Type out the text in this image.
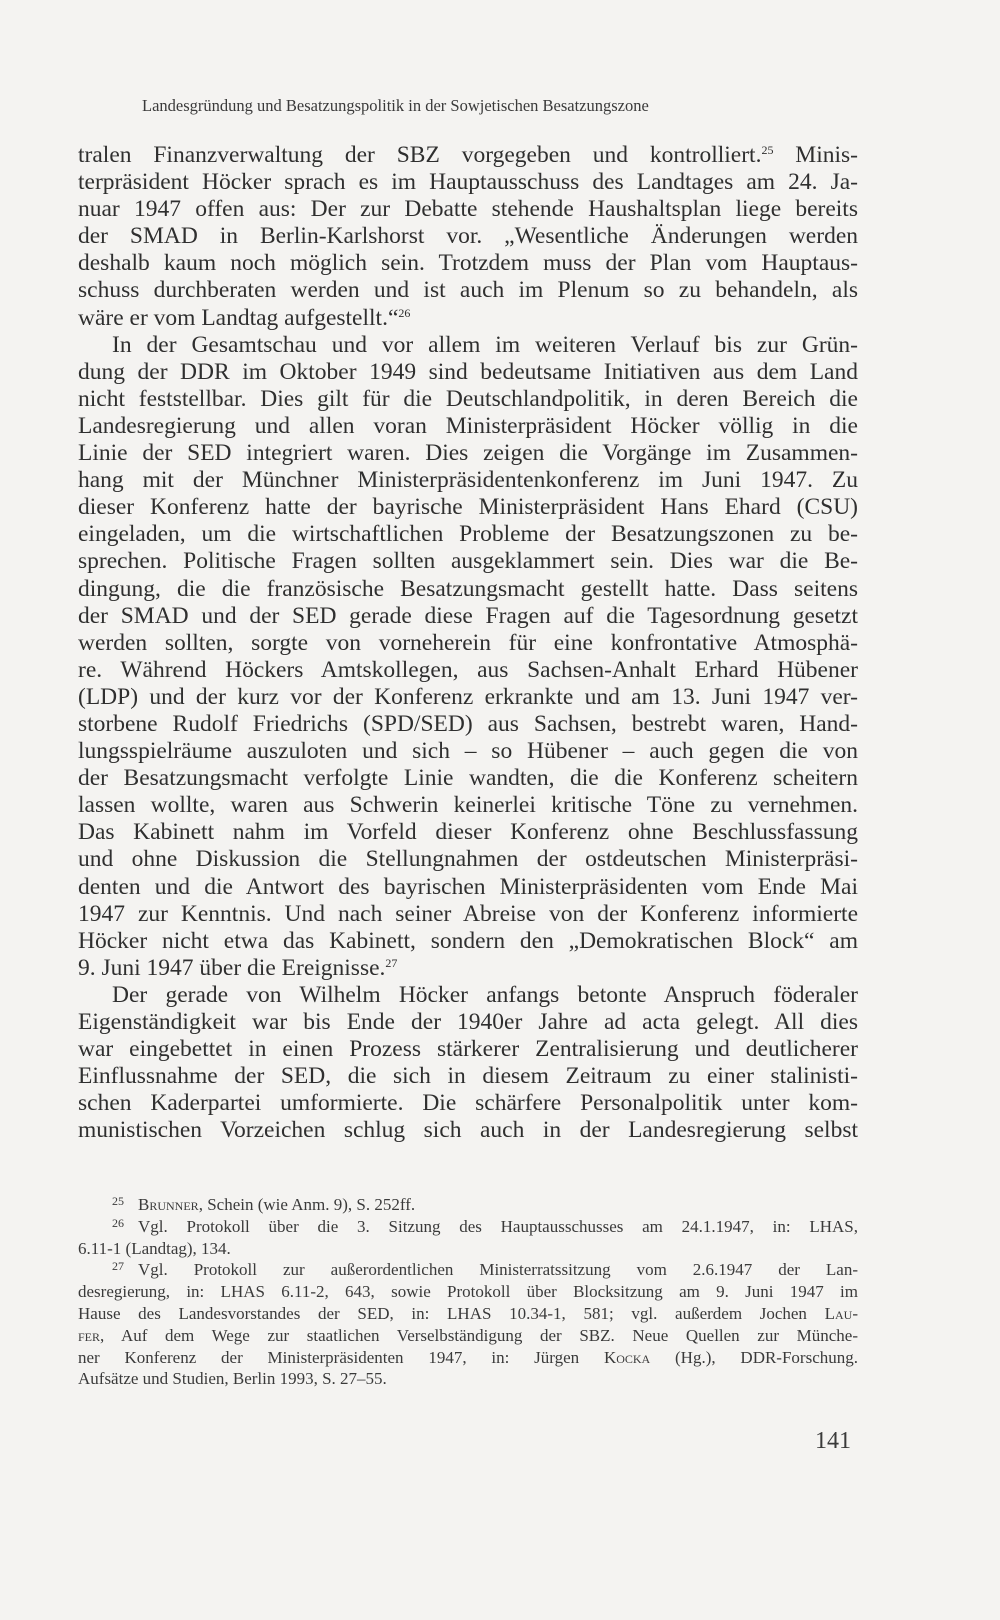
Landesgründung und Besatzungspolitik in der Sowjetischen Besatzungszone
tralen Finanzverwaltung der SBZ vorgegeben und kontrolliert.$^{25}$ Minis-
terpräsident Höcker sprach es im Hauptausschuss des Landtages am 24. Ja-
nuar 1947 offen aus: Der zur Debatte stehende Haushaltsplan liege bereits
der SMAD in Berlin-Karlshorst vor. „Wesentliche Änderungen werden
deshalb kaum noch möglich sein. Trotzdem muss der Plan vom Hauptaus-
schuss durchberaten werden und ist auch im Plenum so zu behandeln, als
wäre er vom Landtag aufgestellt.“$^{26}$
In der Gesamtschau und vor allem im weiteren Verlauf bis zur Grün-
dung der DDR im Oktober 1949 sind bedeutsame Initiativen aus dem Land
nicht feststellbar. Dies gilt für die Deutschlandpolitik, in deren Bereich die
Landesregierung und allen voran Ministerpräsident Höcker völlig in die
Linie der SED integriert waren. Dies zeigen die Vorgänge im Zusammen-
hang mit der Münchner Ministerpräsidentenkonferenz im Juni 1947. Zu
dieser Konferenz hatte der bayrische Ministerpräsident Hans Ehard (CSU)
eingeladen, um die wirtschaftlichen Probleme der Besatzungszonen zu be-
sprechen. Politische Fragen sollten ausgeklammert sein. Dies war die Be-
dingung, die die französische Besatzungsmacht gestellt hatte. Dass seitens
der SMAD und der SED gerade diese Fragen auf die Tagesordnung gesetzt
werden sollten, sorgte von vorneherein für eine konfrontative Atmosphä-
re. Während Höckers Amtskollegen, aus Sachsen-Anhalt Erhard Hübener
(LDP) und der kurz vor der Konferenz erkrankte und am 13. Juni 1947 ver-
storbene Rudolf Friedrichs (SPD/SED) aus Sachsen, bestrebt waren, Hand-
lungsspielräume auszuloten und sich – so Hübener – auch gegen die von
der Besatzungsmacht verfolgte Linie wandten, die die Konferenz scheitern
lassen wollte, waren aus Schwerin keinerlei kritische Töne zu vernehmen.
Das Kabinett nahm im Vorfeld dieser Konferenz ohne Beschlussfassung
und ohne Diskussion die Stellungnahmen der ostdeutschen Ministerpräsi-
denten und die Antwort des bayrischen Ministerpräsidenten vom Ende Mai
1947 zur Kenntnis. Und nach seiner Abreise von der Konferenz informierte
Höcker nicht etwa das Kabinett, sondern den „Demokratischen Block“ am
9. Juni 1947 über die Ereignisse.$^{27}$
Der gerade von Wilhelm Höcker anfangs betonte Anspruch föderaler
Eigenständigkeit war bis Ende der 1940er Jahre ad acta gelegt. All dies
war eingebettet in einen Prozess stärkerer Zentralisierung und deutlicherer
Einflussnahme der SED, die sich in diesem Zeitraum zu einer stalinisti-
schen Kaderpartei umformierte. Die schärfere Personalpolitik unter kom-
munistischen Vorzeichen schlug sich auch in der Landesregierung selbst
$^{25}$ Brunner, Schein (wie Anm. 9), S. 252ff.
$^{26}$ Vgl. Protokoll über die 3. Sitzung des Hauptausschusses am 24.1.1947, in: LHAS,
6.11-1 (Landtag), 134.
$^{27}$ Vgl. Protokoll zur außerordentlichen Ministerratssitzung vom 2.6.1947 der Lan-
desregierung, in: LHAS 6.11-2, 643, sowie Protokoll über Blocksitzung am 9. Juni 1947 im
Hause des Landesvorstandes der SED, in: LHAS 10.34-1, 581; vgl. außerdem Jochen Lau-
fer, Auf dem Wege zur staatlichen Verselbständigung der SBZ. Neue Quellen zur Münche-
ner Konferenz der Ministerpräsidenten 1947, in: Jürgen Kocka (Hg.), DDR-Forschung.
Aufsätze und Studien, Berlin 1993, S. 27–55.
141
